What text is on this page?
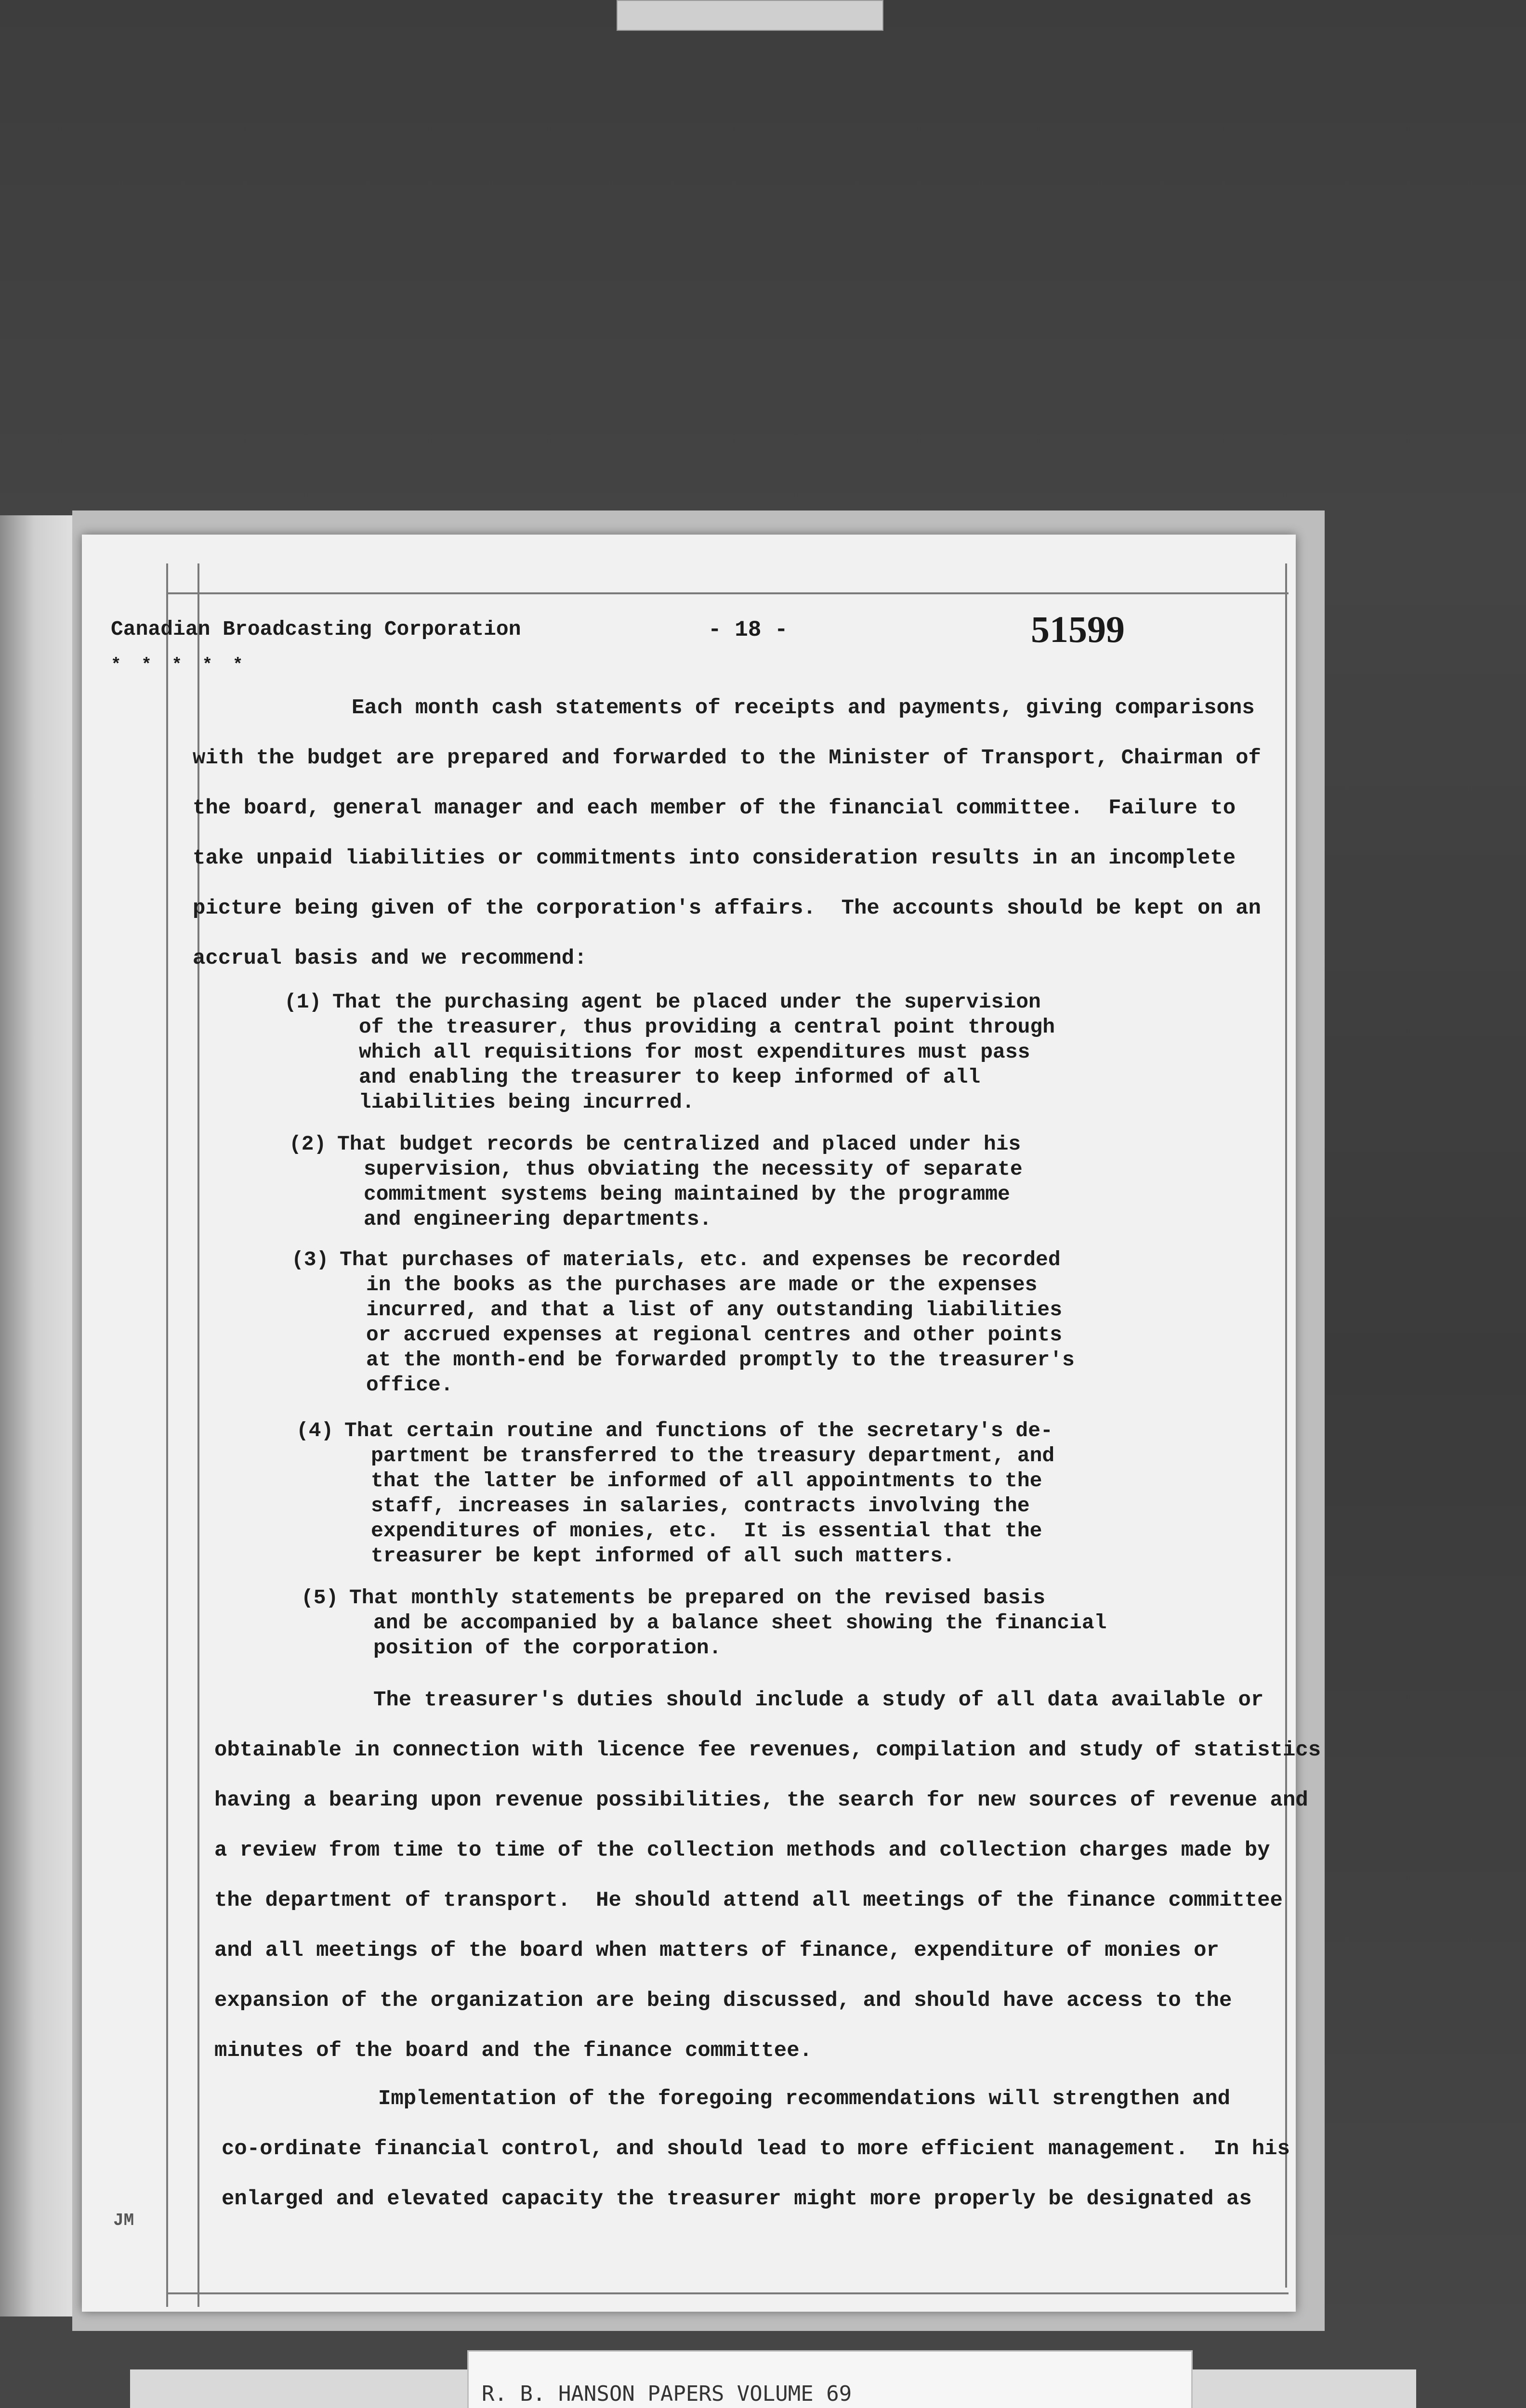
Canadian Broadcasting Corporation	- 18 -	51599
* * * * *
Each month cash statements of receipts and payments, giving comparisons
with the budget are prepared and forwarded to the Minister of Transport, Chairman of
the board, general manager and each member of the financial committee.  Failure to
take unpaid liabilities or commitments into consideration results in an incomplete
picture being given of the corporation's affairs.  The accounts should be kept on an
accrual basis and we recommend:
(1) That the purchasing agent be placed under the supervision
of the treasurer, thus providing a central point through
which all requisitions for most expenditures must pass
and enabling the treasurer to keep informed of all
liabilities being incurred.
(2) That budget records be centralized and placed under his
supervision, thus obviating the necessity of separate
commitment systems being maintained by the programme
and engineering departments.
(3) That purchases of materials, etc. and expenses be recorded
in the books as the purchases are made or the expenses
incurred, and that a list of any outstanding liabilities
or accrued expenses at regional centres and other points
at the month-end be forwarded promptly to the treasurer's
office.
(4) That certain routine and functions of the secretary's de-
partment be transferred to the treasury department, and
that the latter be informed of all appointments to the
staff, increases in salaries, contracts involving the
expenditures of monies, etc.  It is essential that the
treasurer be kept informed of all such matters.
(5) That monthly statements be prepared on the revised basis
and be accompanied by a balance sheet showing the financial
position of the corporation.
The treasurer's duties should include a study of all data available or
obtainable in connection with licence fee revenues, compilation and study of statistics
having a bearing upon revenue possibilities, the search for new sources of revenue and
a review from time to time of the collection methods and collection charges made by
the department of transport.  He should attend all meetings of the finance committee
and all meetings of the board when matters of finance, expenditure of monies or
expansion of the organization are being discussed, and should have access to the
minutes of the board and the finance committee.
Implementation of the foregoing recommendations will strengthen and
co-ordinate financial control, and should lead to more efficient management.  In his
enlarged and elevated capacity the treasurer might more properly be designated as
JM
R. B. HANSON PAPERS VOLUME 69
